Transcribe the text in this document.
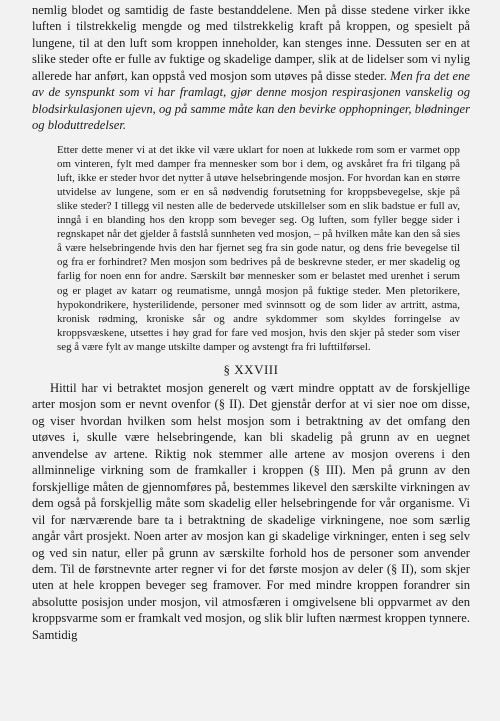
nemlig blodet og samtidig de faste bestanddelene. Men på disse stedene virker ikke luften i tilstrekkelig mengde og med tilstrekkelig kraft på kroppen, og spesielt på lungene, til at den luft som kroppen inneholder, kan stenges inne. Dessuten ser en at slike steder ofte er fulle av fuktige og skadelige damper, slik at de lidelser som vi nylig allerede har anført, kan oppstå ved mosjon som utøves på disse steder. Men fra det ene av de synspunkt som vi har framlagt, gjør denne mosjon respirasjonen vanskelig og blodsirkulasjonen ujevn, og på samme måte kan den bevirke opphopninger, blødninger og bloduttredelser.

Etter dette mener vi at det ikke vil være uklart for noen at lukkede rom som er varmet opp om vinteren, fylt med damper fra mennesker som bor i dem, og avskåret fra fri tilgang på luft, ikke er steder hvor det nytter å utøve helsebringende mosjon. For hvordan kan en større utvidelse av lungene, som er en så nødvendig forutsetning for kroppsbevegelse, skje på slike steder? I tillegg vil nesten alle de bedervede utskillelser som en slik badstue er full av, inngå i en blanding hos den kropp som beveger seg. Og luften, som fyller begge sider i regnskapet når det gjelder å fastslå sunnheten ved mosjon, – på hvilken måte kan den så sies å være helsebringende hvis den har fjernet seg fra sin gode natur, og dens frie bevegelse til og fra er forhindret? Men mosjon som bedrives på de beskrevne steder, er mer skadelig og farlig for noen enn for andre. Særskilt bør mennesker som er belastet med urenhet i serum og er plaget av katarr og reumatisme, unngå mosjon på fuktige steder. Men pletorikere, hypokondrikere, hysterilidende, personer med svinnsott og de som lider av artritt, astma, kronisk rødming, kroniske sår og andre sykdommer som skyldes forringelse av kroppsvæskene, utsettes i høy grad for fare ved mosjon, hvis den skjer på steder som viser seg å være fylt av mange utskilte damper og avstengt fra fri lufttilførsel.

§ XXVIII

Hittil har vi betraktet mosjon generelt og vært mindre opptatt av de forskjellige arter mosjon som er nevnt ovenfor (§ II). Det gjenstår derfor at vi sier noe om disse, og viser hvordan hvilken som helst mosjon som i betraktning av det omfang den utøves i, skulle være helsebringende, kan bli skadelig på grunn av en uegnet anvendelse av artene. Riktig nok stemmer alle artene av mosjon overens i den allminnelige virkning som de framkaller i kroppen (§ III). Men på grunn av den forskjellige måten de gjennomføres på, bestemmes likevel den særskilte virkningen av dem også på forskjellig måte som skadelig eller helsebringende for vår organisme. Vi vil for nærværende bare ta i betraktning de skadelige virkningene, noe som særlig angår vårt prosjekt. Noen arter av mosjon kan gi skadelige virkninger, enten i seg selv og ved sin natur, eller på grunn av særskilte forhold hos de personer som anvender dem. Til de førstnevnte arter regner vi for det første mosjon av deler (§ II), som skjer uten at hele kroppen beveger seg framover. For med mindre kroppen forandrer sin absolutte posisjon under mosjon, vil atmosfæren i omgivelsene bli oppvarmet av den kroppsvarme som er framkalt ved mosjon, og slik blir luften nærmest kroppen tynnere. Samtidig
